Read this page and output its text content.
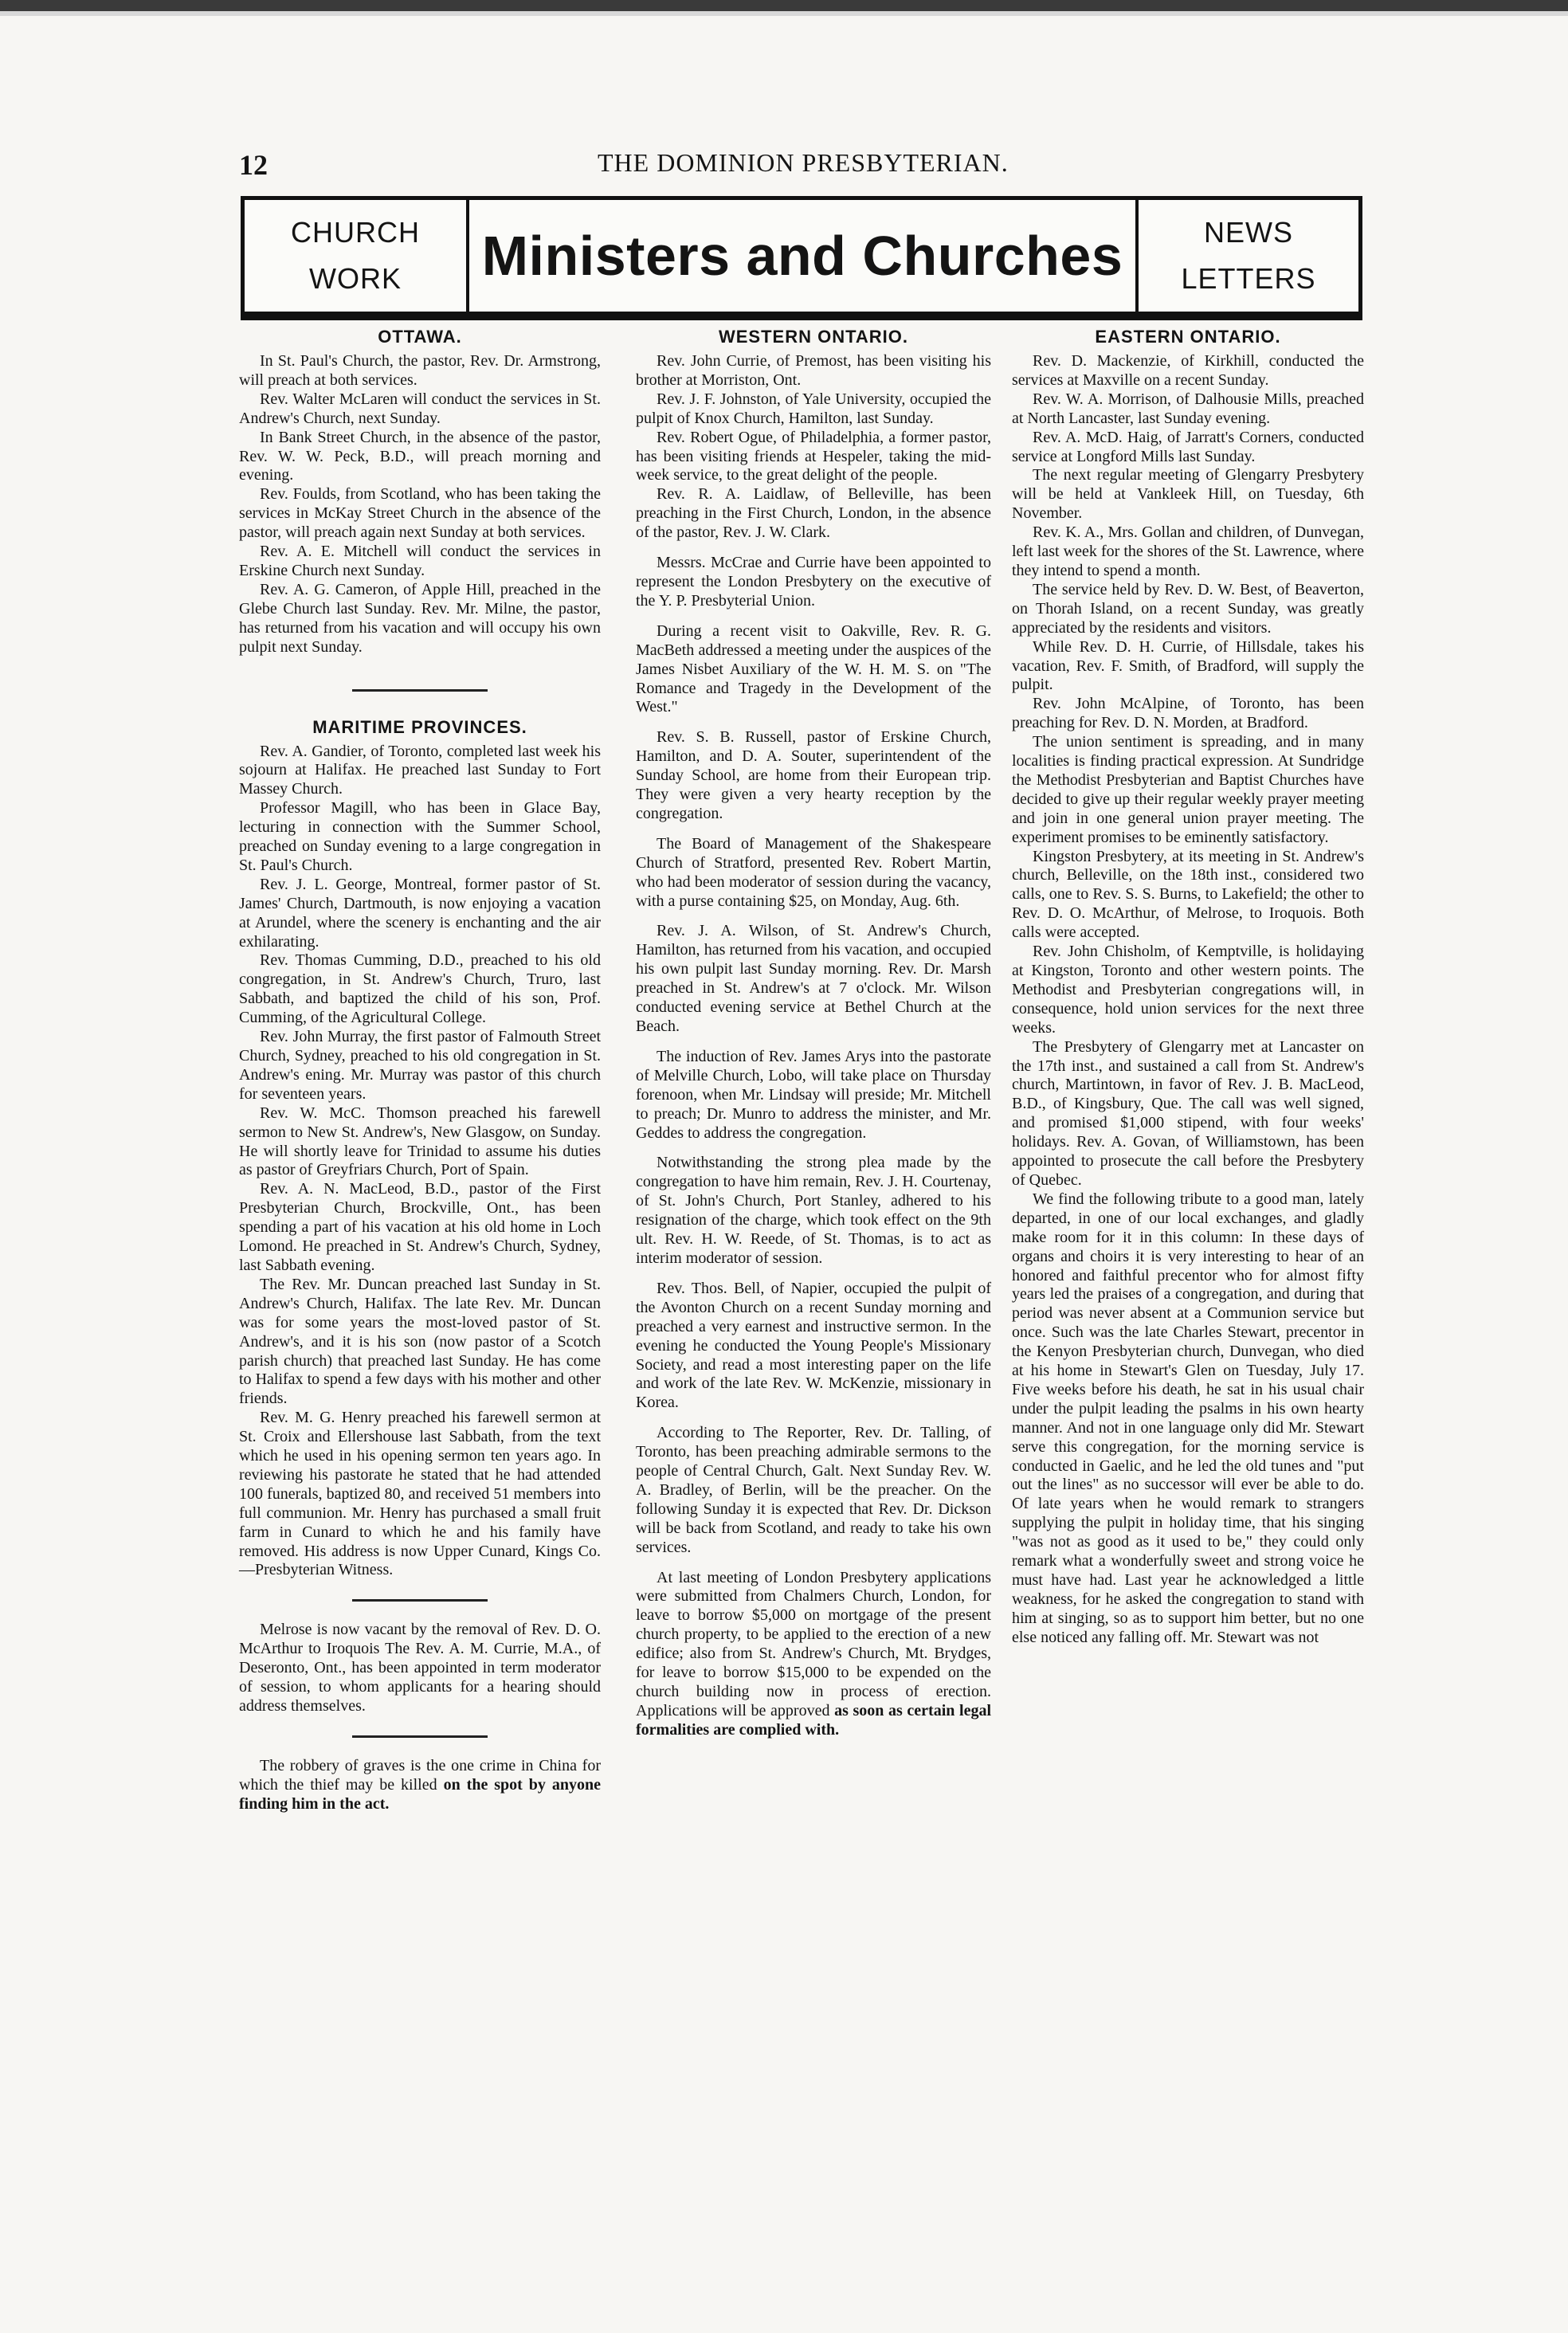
12	THE DOMINION PRESBYTERIAN.
CHURCH
WORK Ministers and Churches	NEWS
LETTERS
OTTAWA.

In St. Paul's Church, the pastor, Rev. Dr. Armstrong, will preach at both services.

Rev. Walter McLaren will conduct the services in St. Andrew's Church, next Sunday.

In Bank Street Church, in the absence of the pastor, Rev. W. W. Peck, B.D., will preach morning and evening.

Rev. Foulds, from Scotland, who has been taking the services in McKay Street Church in the absence of the pastor, will preach again next Sunday at both services.

Rev. A. E. Mitchell will conduct the services in Erskine Church next Sunday.

Rev. A. G. Cameron, of Apple Hill, preached in the Glebe Church last Sunday. Rev. Mr. Milne, the pastor, has returned from his vacation and will occupy his own pulpit next Sunday.

MARITIME PROVINCES.

Rev. A. Gandier, of Toronto, completed last week his sojourn at Halifax. He preached last Sunday to Fort Massey Church.

Professor Magill, who has been in Glace Bay, lecturing in connection with the Summer School, preached on Sunday evening to a large congregation in St. Paul's Church.

Rev. J. L. George, Montreal, former pastor of St. James' Church, Dartmouth, is now enjoying a vacation at Arundel, where the scenery is enchanting and the air exhilarating.

Rev. Thomas Cumming, D.D., preached to his old congregation, in St. Andrew's Church, Truro, last Sabbath, and baptized the child of his son, Prof. Cumming, of the Agricultural College.

Rev. John Murray, the first pastor of Falmouth Street Church, Sydney, preached to his old congregation in St. Andrew's ening. Mr. Murray was pastor of this church for seventeen years.

Rev. W. McC. Thomson preached his farewell sermon to New St. Andrew's, New Glasgow, on Sunday. He will shortly leave for Trinidad to assume his duties as pastor of Greyfriars Church, Port of Spain.

Rev. A. N. MacLeod, B.D., pastor of the First Presbyterian Church, Brockville, Ont., has been spending a part of his vacation at his old home in Loch Lomond. He preached in St. Andrew's Church, Sydney, last Sabbath evening.

The Rev. Mr. Duncan preached last Sunday in St. Andrew's Church, Halifax. The late Rev. Mr. Duncan was for some years the most-loved pastor of St. Andrew's, and it is his son (now pastor of a Scotch parish church) that preached last Sunday. He has come to Halifax to spend a few days with his mother and other friends.

Rev. M. G. Henry preached his farewell sermon at St. Croix and Ellershouse last Sabbath, from the text which he used in his opening sermon ten years ago. In reviewing his pastorate he stated that he had attended 100 funerals, baptized 80, and received 51 members into full communion. Mr. Henry has purchased a small fruit farm in Cunard to which he and his family have removed. His address is now Upper Cunard, Kings Co.—Presbyterian Witness.

Melrose is now vacant by the removal of Rev. D. O. McArthur to Iroquois The Rev. A. M. Currie, M.A., of Deseronto, Ont., has been appointed in term moderator of session, to whom applicants for a hearing should address themselves.

The robbery of graves is the one crime in China for which the thief may be killed on the spot by anyone finding him in the act.

WESTERN ONTARIO.

Rev. John Currie, of Premost, has been visiting his brother at Morriston, Ont.

Rev. J. F. Johnston, of Yale University, occupied the pulpit of Knox Church, Hamilton, last Sunday.

Rev. Robert Ogue, of Philadelphia, a former pastor, has been visiting friends at Hespeler, taking the mid-week service, to the great delight of the people.

Rev. R. A. Laidlaw, of Belleville, has been preaching in the First Church, London, in the absence of the pastor, Rev. J. W. Clark.

Messrs. McCrae and Currie have been appointed to represent the London Presbytery on the executive of the Y. P. Presbyterial Union.

During a recent visit to Oakville, Rev. R. G. MacBeth addressed a meeting under the auspices of the James Nisbet Auxiliary of the W. H. M. S. on "The Romance and Tragedy in the Development of the West."

Rev. S. B. Russell, pastor of Erskine Church, Hamilton, and D. A. Souter, superintendent of the Sunday School, are home from their European trip. They were given a very hearty reception by the congregation.

The Board of Management of the Shakespeare Church of Stratford, presented Rev. Robert Martin, who had been moderator of session during the vacancy, with a purse containing $25, on Monday, Aug. 6th.

Rev. J. A. Wilson, of St. Andrew's Church, Hamilton, has returned from his vacation, and occupied his own pulpit last Sunday morning. Rev. Dr. Marsh preached in St. Andrew's at 7 o'clock. Mr. Wilson conducted evening service at Bethel Church at the Beach.

The induction of Rev. James Arys into the pastorate of Melville Church, Lobo, will take place on Thursday forenoon, when Mr. Lindsay will preside; Mr. Mitchell to preach; Dr. Munro to address the minister, and Mr. Geddes to address the congregation.

Notwithstanding the strong plea made by the congregation to have him remain, Rev. J. H. Courtenay, of St. John's Church, Port Stanley, adhered to his resignation of the charge, which took effect on the 9th ult. Rev. H. W. Reede, of St. Thomas, is to act as interim moderator of session.

Rev. Thos. Bell, of Napier, occupied the pulpit of the Avonton Church on a recent Sunday morning and preached a very earnest and instructive sermon. In the evening he conducted the Young People's Missionary Society, and read a most interesting paper on the life and work of the late Rev. W. McKenzie, missionary in Korea.

According to The Reporter, Rev. Dr. Talling, of Toronto, has been preaching admirable sermons to the people of Central Church, Galt. Next Sunday Rev. W. A. Bradley, of Berlin, will be the preacher. On the following Sunday it is expected that Rev. Dr. Dickson will be back from Scotland, and ready to take his own services.

At last meeting of London Presbytery applications were submitted from Chalmers Church, London, for leave to borrow $5,000 on mortgage of the present church property, to be applied to the erection of a new edifice; also from St. Andrew's Church, Mt. Brydges, for leave to borrow $15,000 to be expended on the church building now in process of erection. Applications will be approved as soon as certain legal formalities are complied with.

EASTERN ONTARIO.

Rev. D. Mackenzie, of Kirkhill, conducted the services at Maxville on a recent Sunday.

Rev. W. A. Morrison, of Dalhousie Mills, preached at North Lancaster, last Sunday evening.

Rev. A. McD. Haig, of Jarratt's Corners, conducted service at Longford Mills last Sunday.

The next regular meeting of Glengarry Presbytery will be held at Vankleek Hill, on Tuesday, 6th November.

Rev. K. A., Mrs. Gollan and children, of Dunvegan, left last week for the shores of the St. Lawrence, where they intend to spend a month.

The service held by Rev. D. W. Best, of Beaverton, on Thorah Island, on a recent Sunday, was greatly appreciated by the residents and visitors.

While Rev. D. H. Currie, of Hillsdale, takes his vacation, Rev. F. Smith, of Bradford, will supply the pulpit.

Rev. John McAlpine, of Toronto, has been preaching for Rev. D. N. Morden, at Bradford.

The union sentiment is spreading, and in many localities is finding practical expression. At Sundridge the Methodist Presbyterian and Baptist Churches have decided to give up their regular weekly prayer meeting and join in one general union prayer meeting. The experiment promises to be eminently satisfactory.

Kingston Presbytery, at its meeting in St. Andrew's church, Belleville, on the 18th inst., considered two calls, one to Rev. S. S. Burns, to Lakefield; the other to Rev. D. O. McArthur, of Melrose, to Iroquois. Both calls were accepted.

Rev. John Chisholm, of Kemptville, is holidaying at Kingston, Toronto and other western points. The Methodist and Presbyterian congregations will, in consequence, hold union services for the next three weeks.

The Presbytery of Glengarry met at Lancaster on the 17th inst., and sustained a call from St. Andrew's church, Martintown, in favor of Rev. J. B. MacLeod, B.D., of Kingsbury, Que. The call was well signed, and promised $1,000 stipend, with four weeks' holidays. Rev. A. Govan, of Williamstown, has been appointed to prosecute the call before the Presbytery of Quebec.

We find the following tribute to a good man, lately departed, in one of our local exchanges, and gladly make room for it in this column: In these days of organs and choirs it is very interesting to hear of an honored and faithful precentor who for almost fifty years led the praises of a congregation, and during that period was never absent at a Communion service but once. Such was the late Charles Stewart, precentor in the Kenyon Presbyterian church, Dunvegan, who died at his home in Stewart's Glen on Tuesday, July 17. Five weeks before his death, he sat in his usual chair under the pulpit leading the psalms in his own hearty manner. And not in one language only did Mr. Stewart serve this congregation, for the morning service is conducted in Gaelic, and he led the old tunes and "put out the lines" as no successor will ever be able to do. Of late years when he would remark to strangers supplying the pulpit in holiday time, that his singing "was not as good as it used to be," they could only remark what a wonderfully sweet and strong voice he must have had. Last year he acknowledged a little weakness, for he asked the congregation to stand with him at singing, so as to support him better, but no one else noticed any falling off. Mr. Stewart was not
